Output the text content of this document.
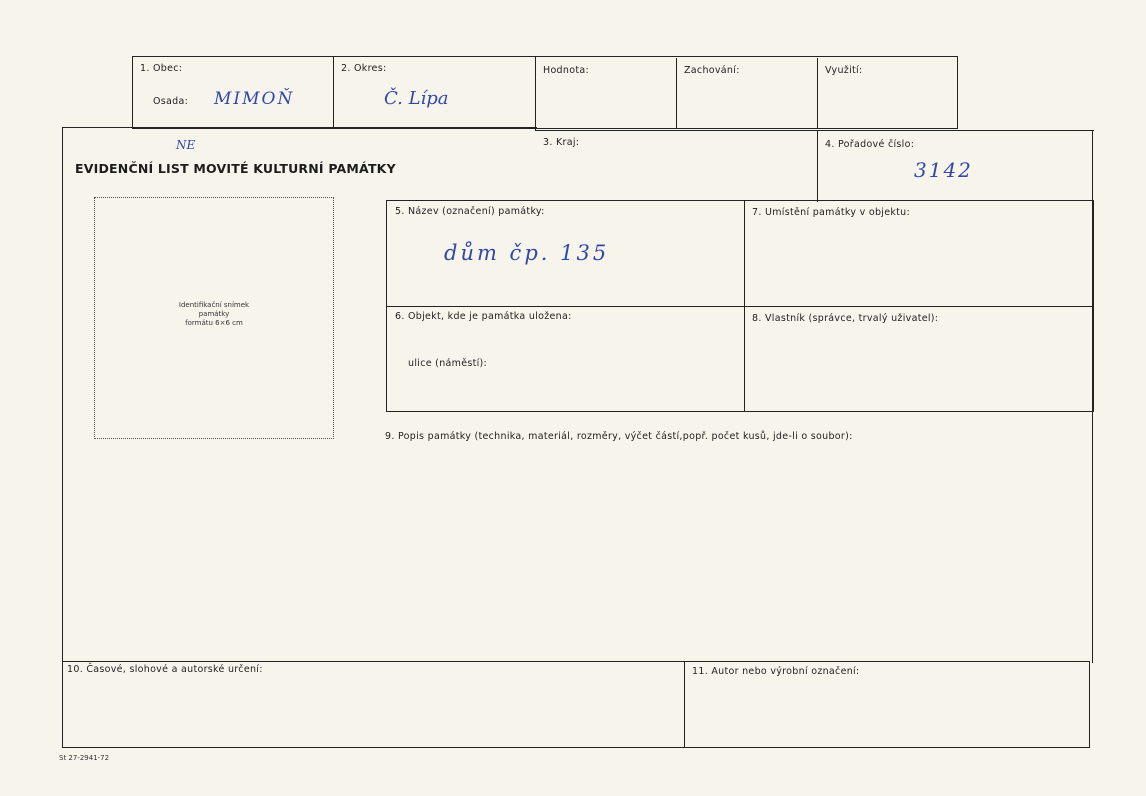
1. Obec:
Osada: MIMOŇ
2. Okres:
Č. Lípa
Hodnota:	Zachování:	Využití:
NE
EVIDENČNÍ LIST MOVITÉ KULTURNÍ PAMÁTKY
3. Kraj:	4. Pořadové číslo:
3142
Identifikační snímek
památky
formátu 6×6 cm
5. Název (označení) památky:
dům čp. 135
7. Umístění památky v objektu:
6. Objekt, kde je památka uložena:
ulice (náměstí):
8. Vlastník (správce, trvalý uživatel):
9. Popis památky (technika, materiál, rozměry, výčet částí,popř. počet kusů, jde-li o soubor):
10. Časové, slohové a autorské určení:	11. Autor nebo výrobní označení:
St 27-2941-72
